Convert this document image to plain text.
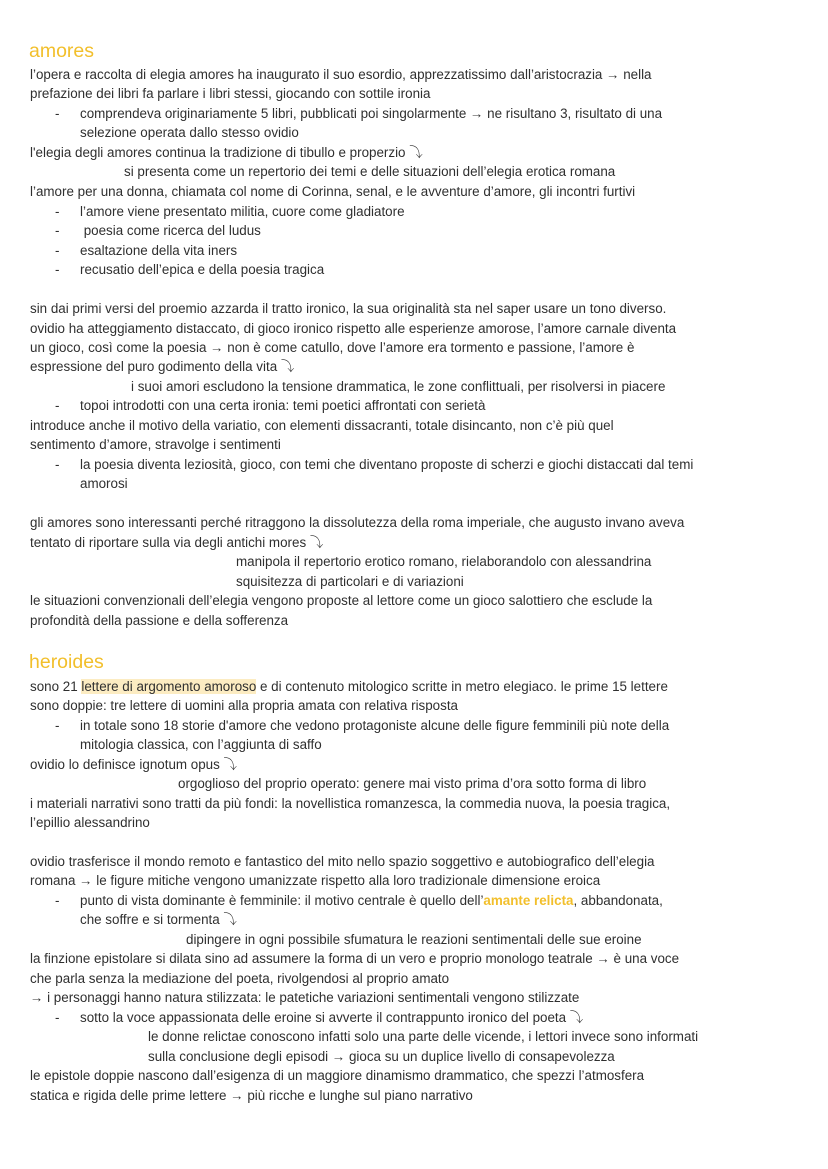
amores
l’opera e raccolta di elegia amores ha inaugurato il suo esordio, apprezzatissimo dall’aristocrazia → nella
prefazione dei libri fa parlare i libri stessi, giocando con sottile ironia
- comprendeva originariamente 5 libri, pubblicati poi singolarmente → ne risultano 3, risultato di una
selezione operata dallo stesso ovidio
l'elegia degli amores continua la tradizione di tibullo e properzio ⤵
si presenta come un repertorio dei temi e delle situazioni dell’elegia erotica romana
l’amore per una donna, chiamata col nome di Corinna, senal, e le avventure d’amore, gli incontri furtivi
- l’amore viene presentato militia, cuore come gladiatore
- poesia come ricerca del ludus
- esaltazione della vita iners
- recusatio dell’epica e della poesia tragica
sin dai primi versi del proemio azzarda il tratto ironico, la sua originalità sta nel saper usare un tono diverso.
ovidio ha atteggiamento distaccato, di gioco ironico rispetto alle esperienze amorose, l’amore carnale diventa
un gioco, così come la poesia → non è come catullo, dove l’amore era tormento e passione, l’amore è
espressione del puro godimento della vita ⤵
i suoi amori escludono la tensione drammatica, le zone conflittuali, per risolversi in piacere
- topoi introdotti con una certa ironia: temi poetici affrontati con serietà
introduce anche il motivo della variatio, con elementi dissacranti, totale disincanto, non c’è più quel
sentimento d’amore, stravolge i sentimenti
- la poesia diventa leziosità, gioco, con temi che diventano proposte di scherzi e giochi distaccati dal temi
amorosi
gli amores sono interessanti perché ritraggono la dissolutezza della roma imperiale, che augusto invano aveva
tentato di riportare sulla via degli antichi mores ⤵
manipola il repertorio erotico romano, rielaborandolo con alessandrina
squisitezza di particolari e di variazioni
le situazioni convenzionali dell’elegia vengono proposte al lettore come un gioco salottiero che esclude la
profondità della passione e della sofferenza
heroides
sono 21 lettere di argomento amoroso e di contenuto mitologico scritte in metro elegiaco. le prime 15 lettere
sono doppie: tre lettere di uomini alla propria amata con relativa risposta
- in totale sono 18 storie d'amore che vedono protagoniste alcune delle figure femminili più note della
mitologia classica, con l’aggiunta di saffo
ovidio lo definisce ignotum opus ⤵
orgoglioso del proprio operato: genere mai visto prima d’ora sotto forma di libro
i materiali narrativi sono tratti da più fondi: la novellistica romanzesca, la commedia nuova, la poesia tragica,
l’epillio alessandrino
ovidio trasferisce il mondo remoto e fantastico del mito nello spazio soggettivo e autobiografico dell’elegia
romana → le figure mitiche vengono umanizzate rispetto alla loro tradizionale dimensione eroica
- punto di vista dominante è femminile: il motivo centrale è quello dell’amante relicta, abbandonata,
che soffre e si tormenta ⤵
dipingere in ogni possibile sfumatura le reazioni sentimentali delle sue eroine
la finzione epistolare si dilata sino ad assumere la forma di un vero e proprio monologo teatrale → è una voce
che parla senza la mediazione del poeta, rivolgendosi al proprio amato
→ i personaggi hanno natura stilizzata: le patetiche variazioni sentimentali vengono stilizzate
- sotto la voce appassionata delle eroine si avverte il contrappunto ironico del poeta ⤵
le donne relictae conoscono infatti solo una parte delle vicende, i lettori invece sono informati
sulla conclusione degli episodi → gioca su un duplice livello di consapevolezza
le epistole doppie nascono dall’esigenza di un maggiore dinamismo drammatico, che spezzi l’atmosfera
statica e rigida delle prime lettere → più ricche e lunghe sul piano narrativo
